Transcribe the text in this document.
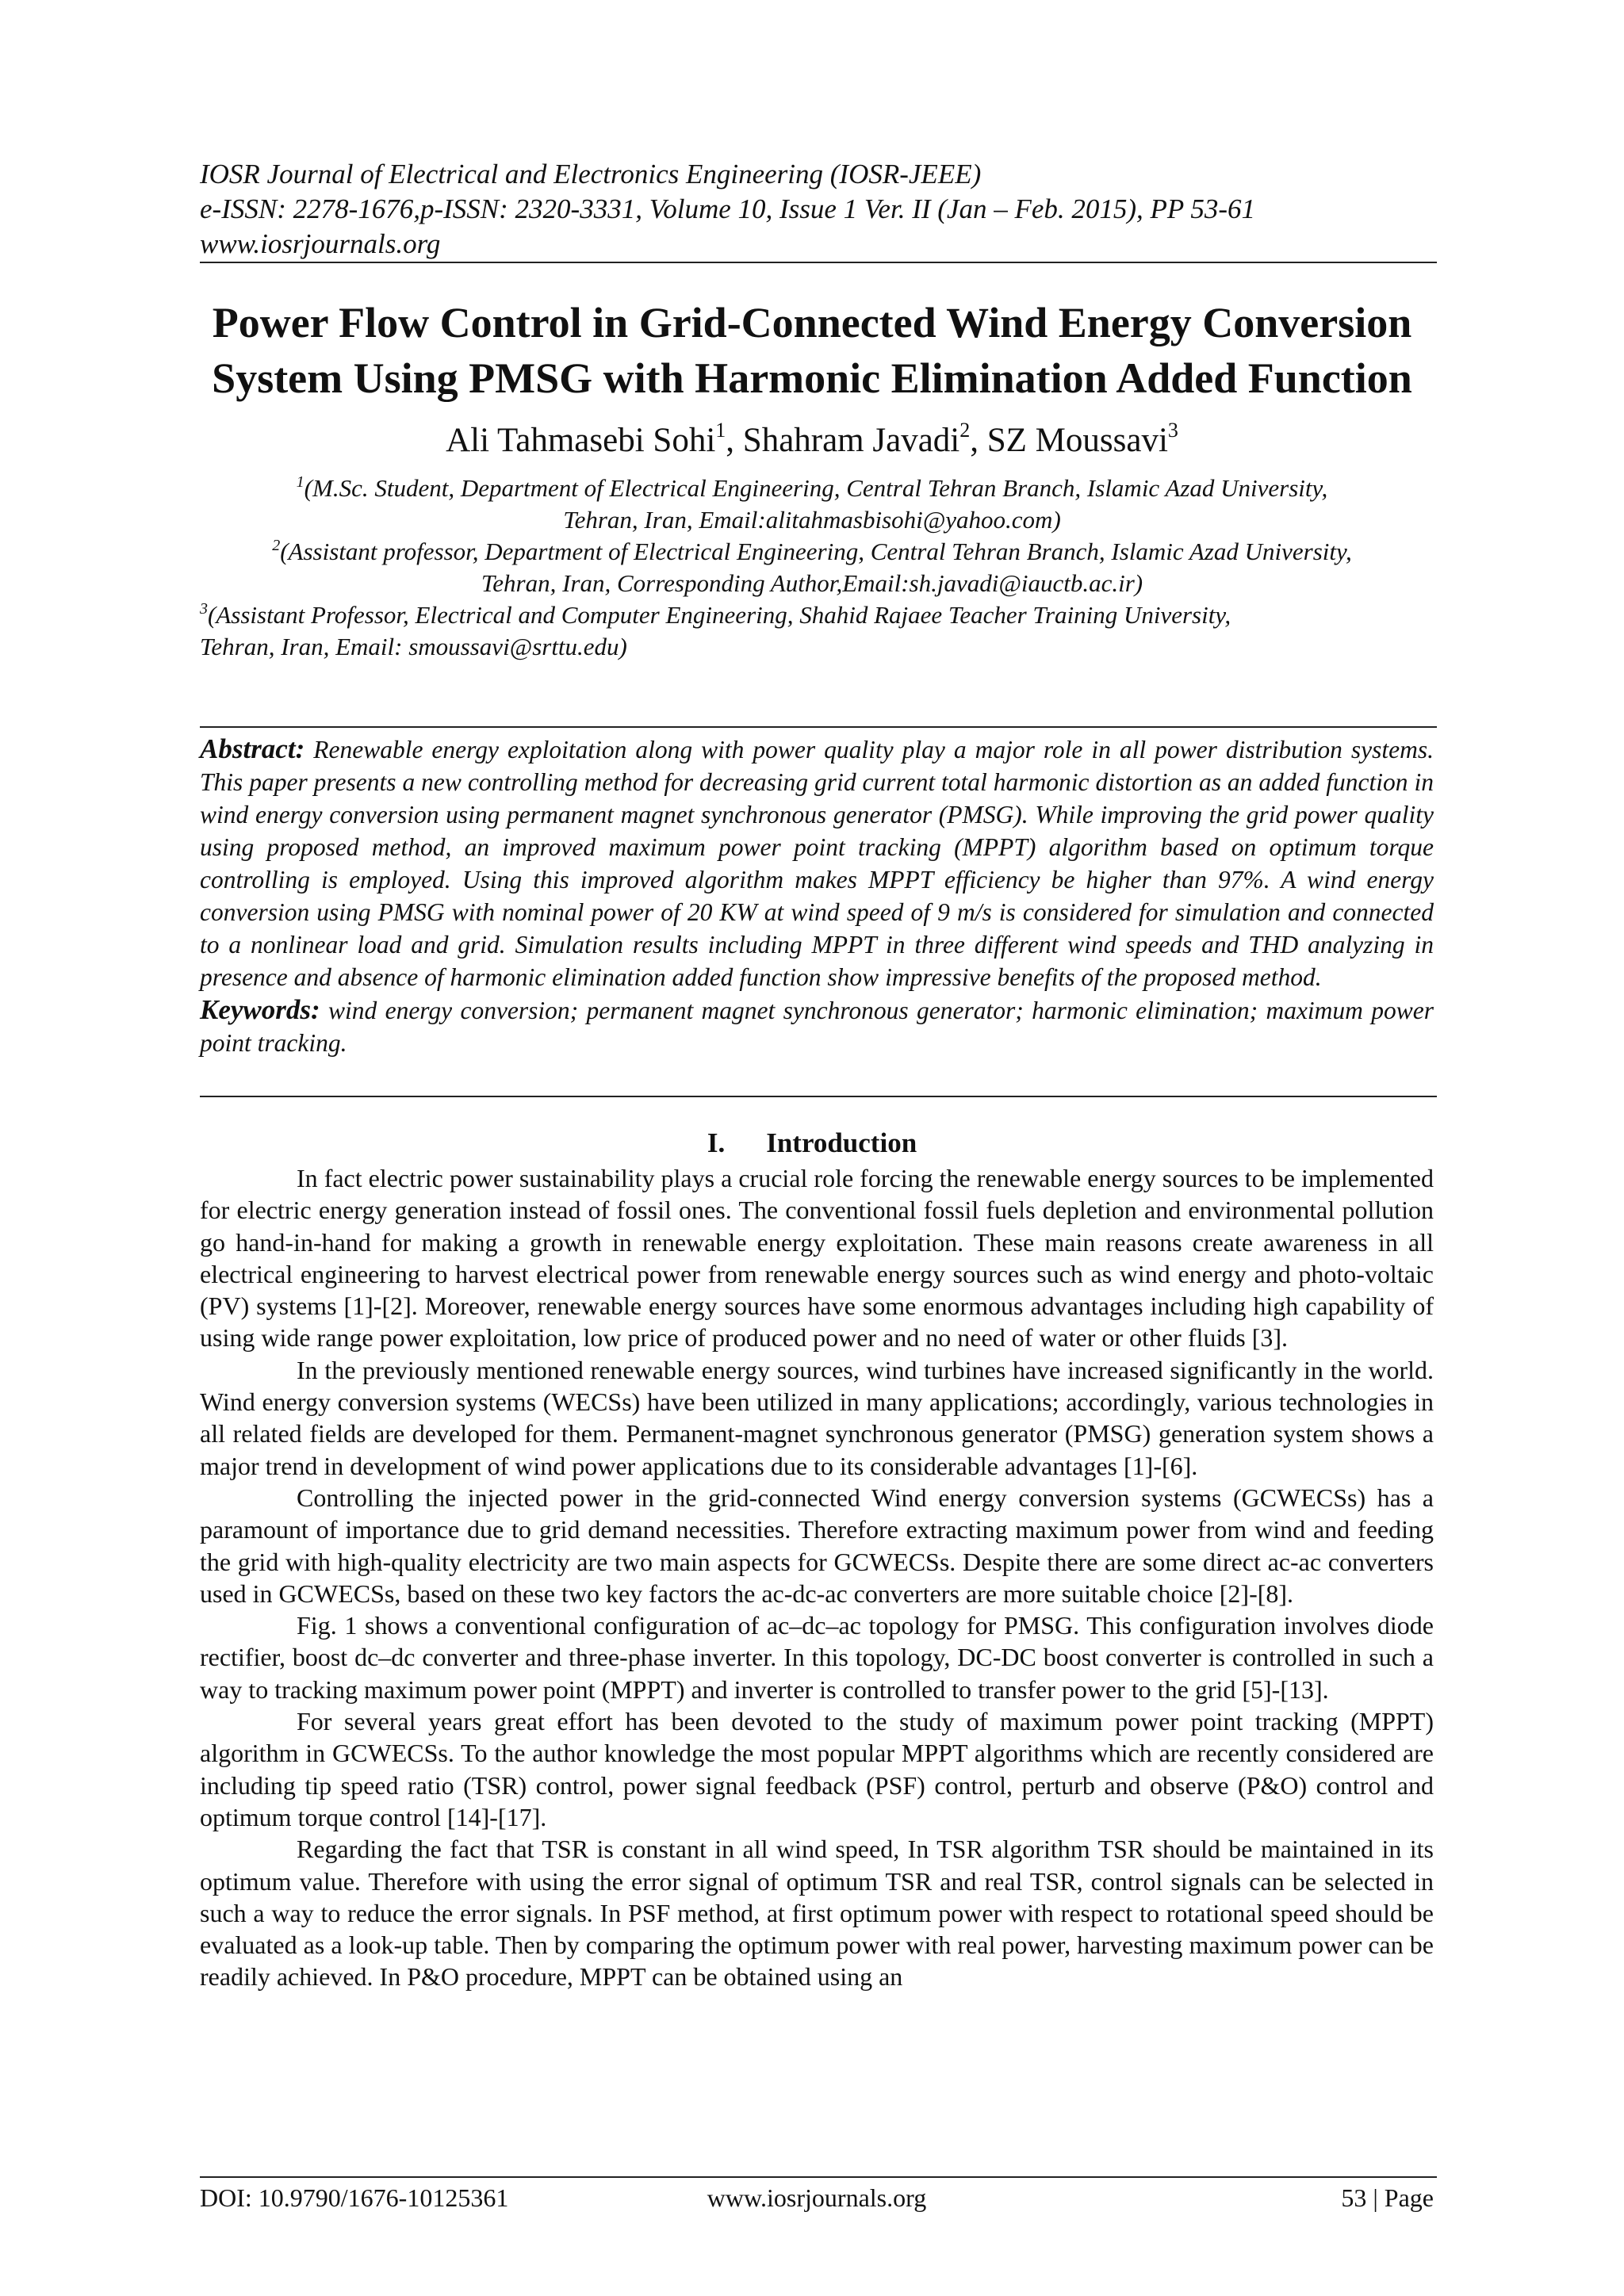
IOSR Journal of Electrical and Electronics Engineering (IOSR-JEEE)
e-ISSN: 2278-1676,p-ISSN: 2320-3331, Volume 10, Issue 1 Ver. II (Jan – Feb. 2015), PP 53-61
www.iosrjournals.org
Power Flow Control in Grid-Connected Wind Energy Conversion
System Using PMSG with Harmonic Elimination Added Function
Ali Tahmasebi Sohi$^1$, Shahram Javadi$^2$, SZ Moussavi$^3$
$^1$(M.Sc. Student, Department of Electrical Engineering, Central Tehran Branch, Islamic Azad University,
Tehran, Iran, Email:alitahmasbisohi@yahoo.com)
$^2$(Assistant professor, Department of Electrical Engineering, Central Tehran Branch, Islamic Azad University,
Tehran, Iran, Corresponding Author,Email:sh.javadi@iauctb.ac.ir)
$^3$(Assistant Professor, Electrical and Computer Engineering, Shahid Rajaee Teacher Training University,
Tehran, Iran, Email: smoussavi@srttu.edu)

Abstract: Renewable energy exploitation along with power quality play a major role in all power distribution systems. This paper presents a new controlling method for decreasing grid current total harmonic distortion as an added function in wind energy conversion using permanent magnet synchronous generator (PMSG). While improving the grid power quality using proposed method, an improved maximum power point tracking (MPPT) algorithm based on optimum torque controlling is employed. Using this improved algorithm makes MPPT efficiency be higher than 97%. A wind energy conversion using PMSG with nominal power of 20 KW at wind speed of 9 m/s is considered for simulation and connected to a nonlinear load and grid. Simulation results including MPPT in three different wind speeds and THD analyzing in presence and absence of harmonic elimination added function show impressive benefits of the proposed method.

Keywords: wind energy conversion; permanent magnet synchronous generator; harmonic elimination; maximum power point tracking.

I. Introduction

In fact electric power sustainability plays a crucial role forcing the renewable energy sources to be implemented for electric energy generation instead of fossil ones. The conventional fossil fuels depletion and environmental pollution go hand-in-hand for making a growth in renewable energy exploitation. These main reasons create awareness in all electrical engineering to harvest electrical power from renewable energy sources such as wind energy and photo-voltaic (PV) systems [1]-[2]. Moreover, renewable energy sources have some enormous advantages including high capability of using wide range power exploitation, low price of produced power and no need of water or other fluids [3].

In the previously mentioned renewable energy sources, wind turbines have increased significantly in the world. Wind energy conversion systems (WECSs) have been utilized in many applications; accordingly, various technologies in all related fields are developed for them. Permanent-magnet synchronous generator (PMSG) generation system shows a major trend in development of wind power applications due to its considerable advantages [1]-[6].

Controlling the injected power in the grid-connected Wind energy conversion systems (GCWECSs) has a paramount of importance due to grid demand necessities. Therefore extracting maximum power from wind and feeding the grid with high-quality electricity are two main aspects for GCWECSs. Despite there are some direct ac-ac converters used in GCWECSs, based on these two key factors the ac-dc-ac converters are more suitable choice [2]-[8].

Fig. 1 shows a conventional configuration of ac–dc–ac topology for PMSG. This configuration involves diode rectifier, boost dc–dc converter and three-phase inverter. In this topology, DC-DC boost converter is controlled in such a way to tracking maximum power point (MPPT) and inverter is controlled to transfer power to the grid [5]-[13].

For several years great effort has been devoted to the study of maximum power point tracking (MPPT) algorithm in GCWECSs. To the author knowledge the most popular MPPT algorithms which are recently considered are including tip speed ratio (TSR) control, power signal feedback (PSF) control, perturb and observe (P&O) control and optimum torque control [14]-[17].

Regarding the fact that TSR is constant in all wind speed, In TSR algorithm TSR should be maintained in its optimum value. Therefore with using the error signal of optimum TSR and real TSR, control signals can be selected in such a way to reduce the error signals. In PSF method, at first optimum power with respect to rotational speed should be evaluated as a look-up table. Then by comparing the optimum power with real power, harvesting maximum power can be readily achieved. In P&O procedure, MPPT can be obtained using an

DOI: 10.9790/1676-10125361	www.iosrjournals.org	53 | Page
